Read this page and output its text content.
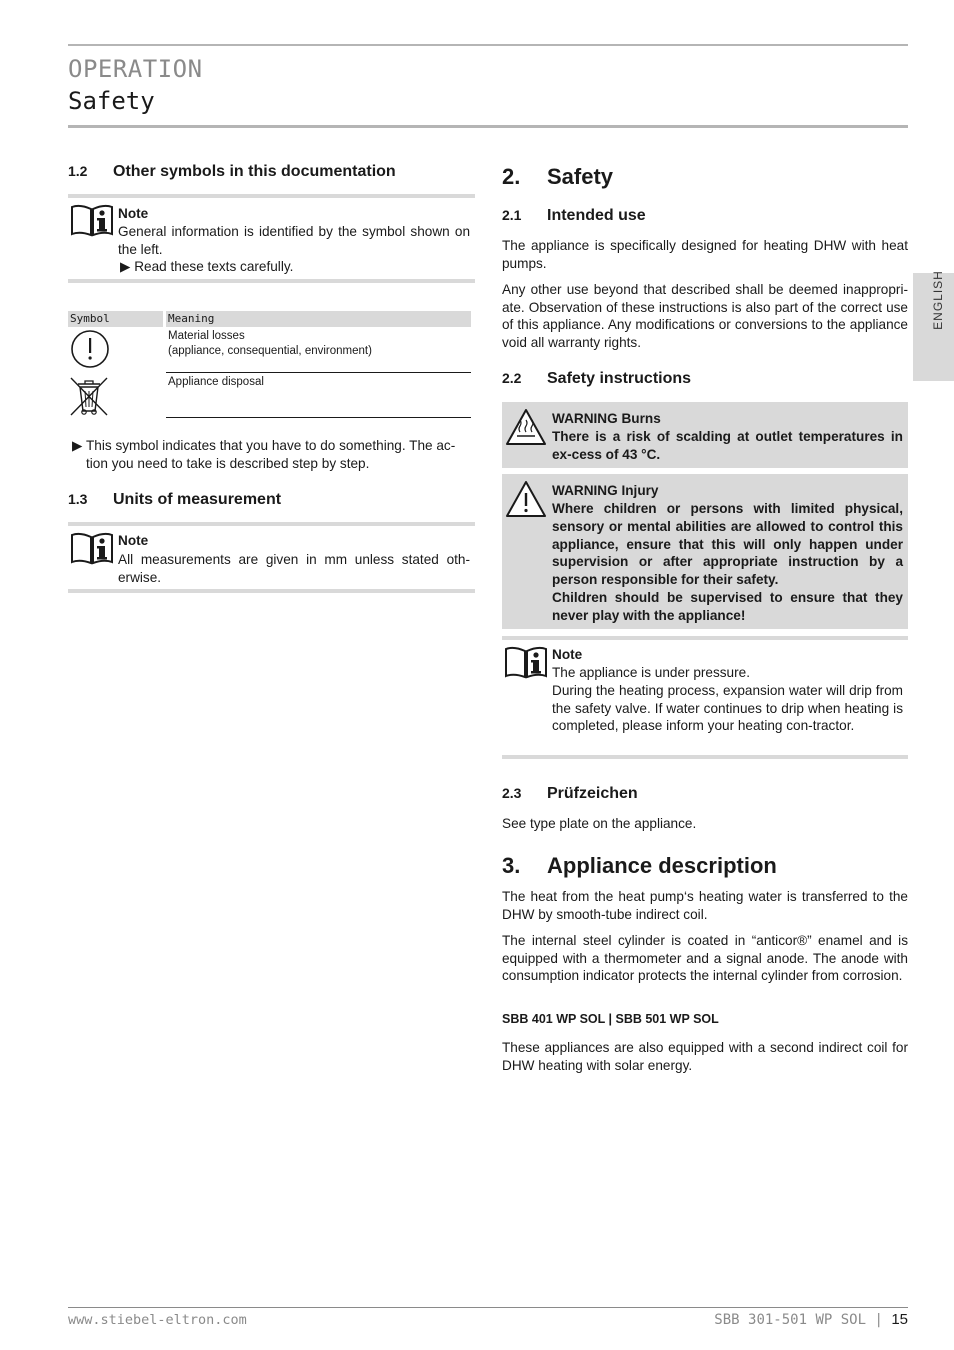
OPERATION
Safety
ENGLISH
1.2 Other symbols in this documentation
Note
General information is identified by the symbol shown on the left.
▶ Read these texts carefully.
Symbol	Meaning
Material losses
(appliance, consequential, environment)
Appliance disposal
▶ This symbol indicates that you have to do something. The ac-
tion you need to take is described step by step.
1.3 Units of measurement
Note
All measurements are given in mm unless stated oth-erwise.
2. Safety
2.1 Intended use
The appliance is specifically designed for heating DHW with heat pumps.
Any other use beyond that described shall be deemed inappropri-ate. Observation of these instructions is also part of the correct use of this appliance. Any modifications or conversions to the appliance void all warranty rights.
2.2 Safety instructions
WARNING Burns
There is a risk of scalding at outlet temperatures in ex-cess of 43 °C.
WARNING Injury
Where children or persons with limited physical, sensory or mental abilities are allowed to control this appliance, ensure that this will only happen under supervision or after appropriate instruction by a person responsible for their safety.
Children should be supervised to ensure that they never play with the appliance!
Note
The appliance is under pressure.
During the heating process, expansion water will drip from the safety valve. If water continues to drip when heating is completed, please inform your heating con-tractor.
2.3 Prüfzeichen
See type plate on the appliance.
3. Appliance description
The heat from the heat pump‘s heating water is transferred to the DHW by smooth-tube indirect coil.
The internal steel cylinder is coated in “anticor®” enamel and is equipped with a thermometer and a signal anode. The anode with consumption indicator protects the internal cylinder from corrosion.
SBB 401 WP SOL | SBB 501 WP SOL
These appliances are also equipped with a second indirect coil for DHW heating with solar energy.
www.stiebel-eltron.com	SBB 301-501 WP SOL | 15
